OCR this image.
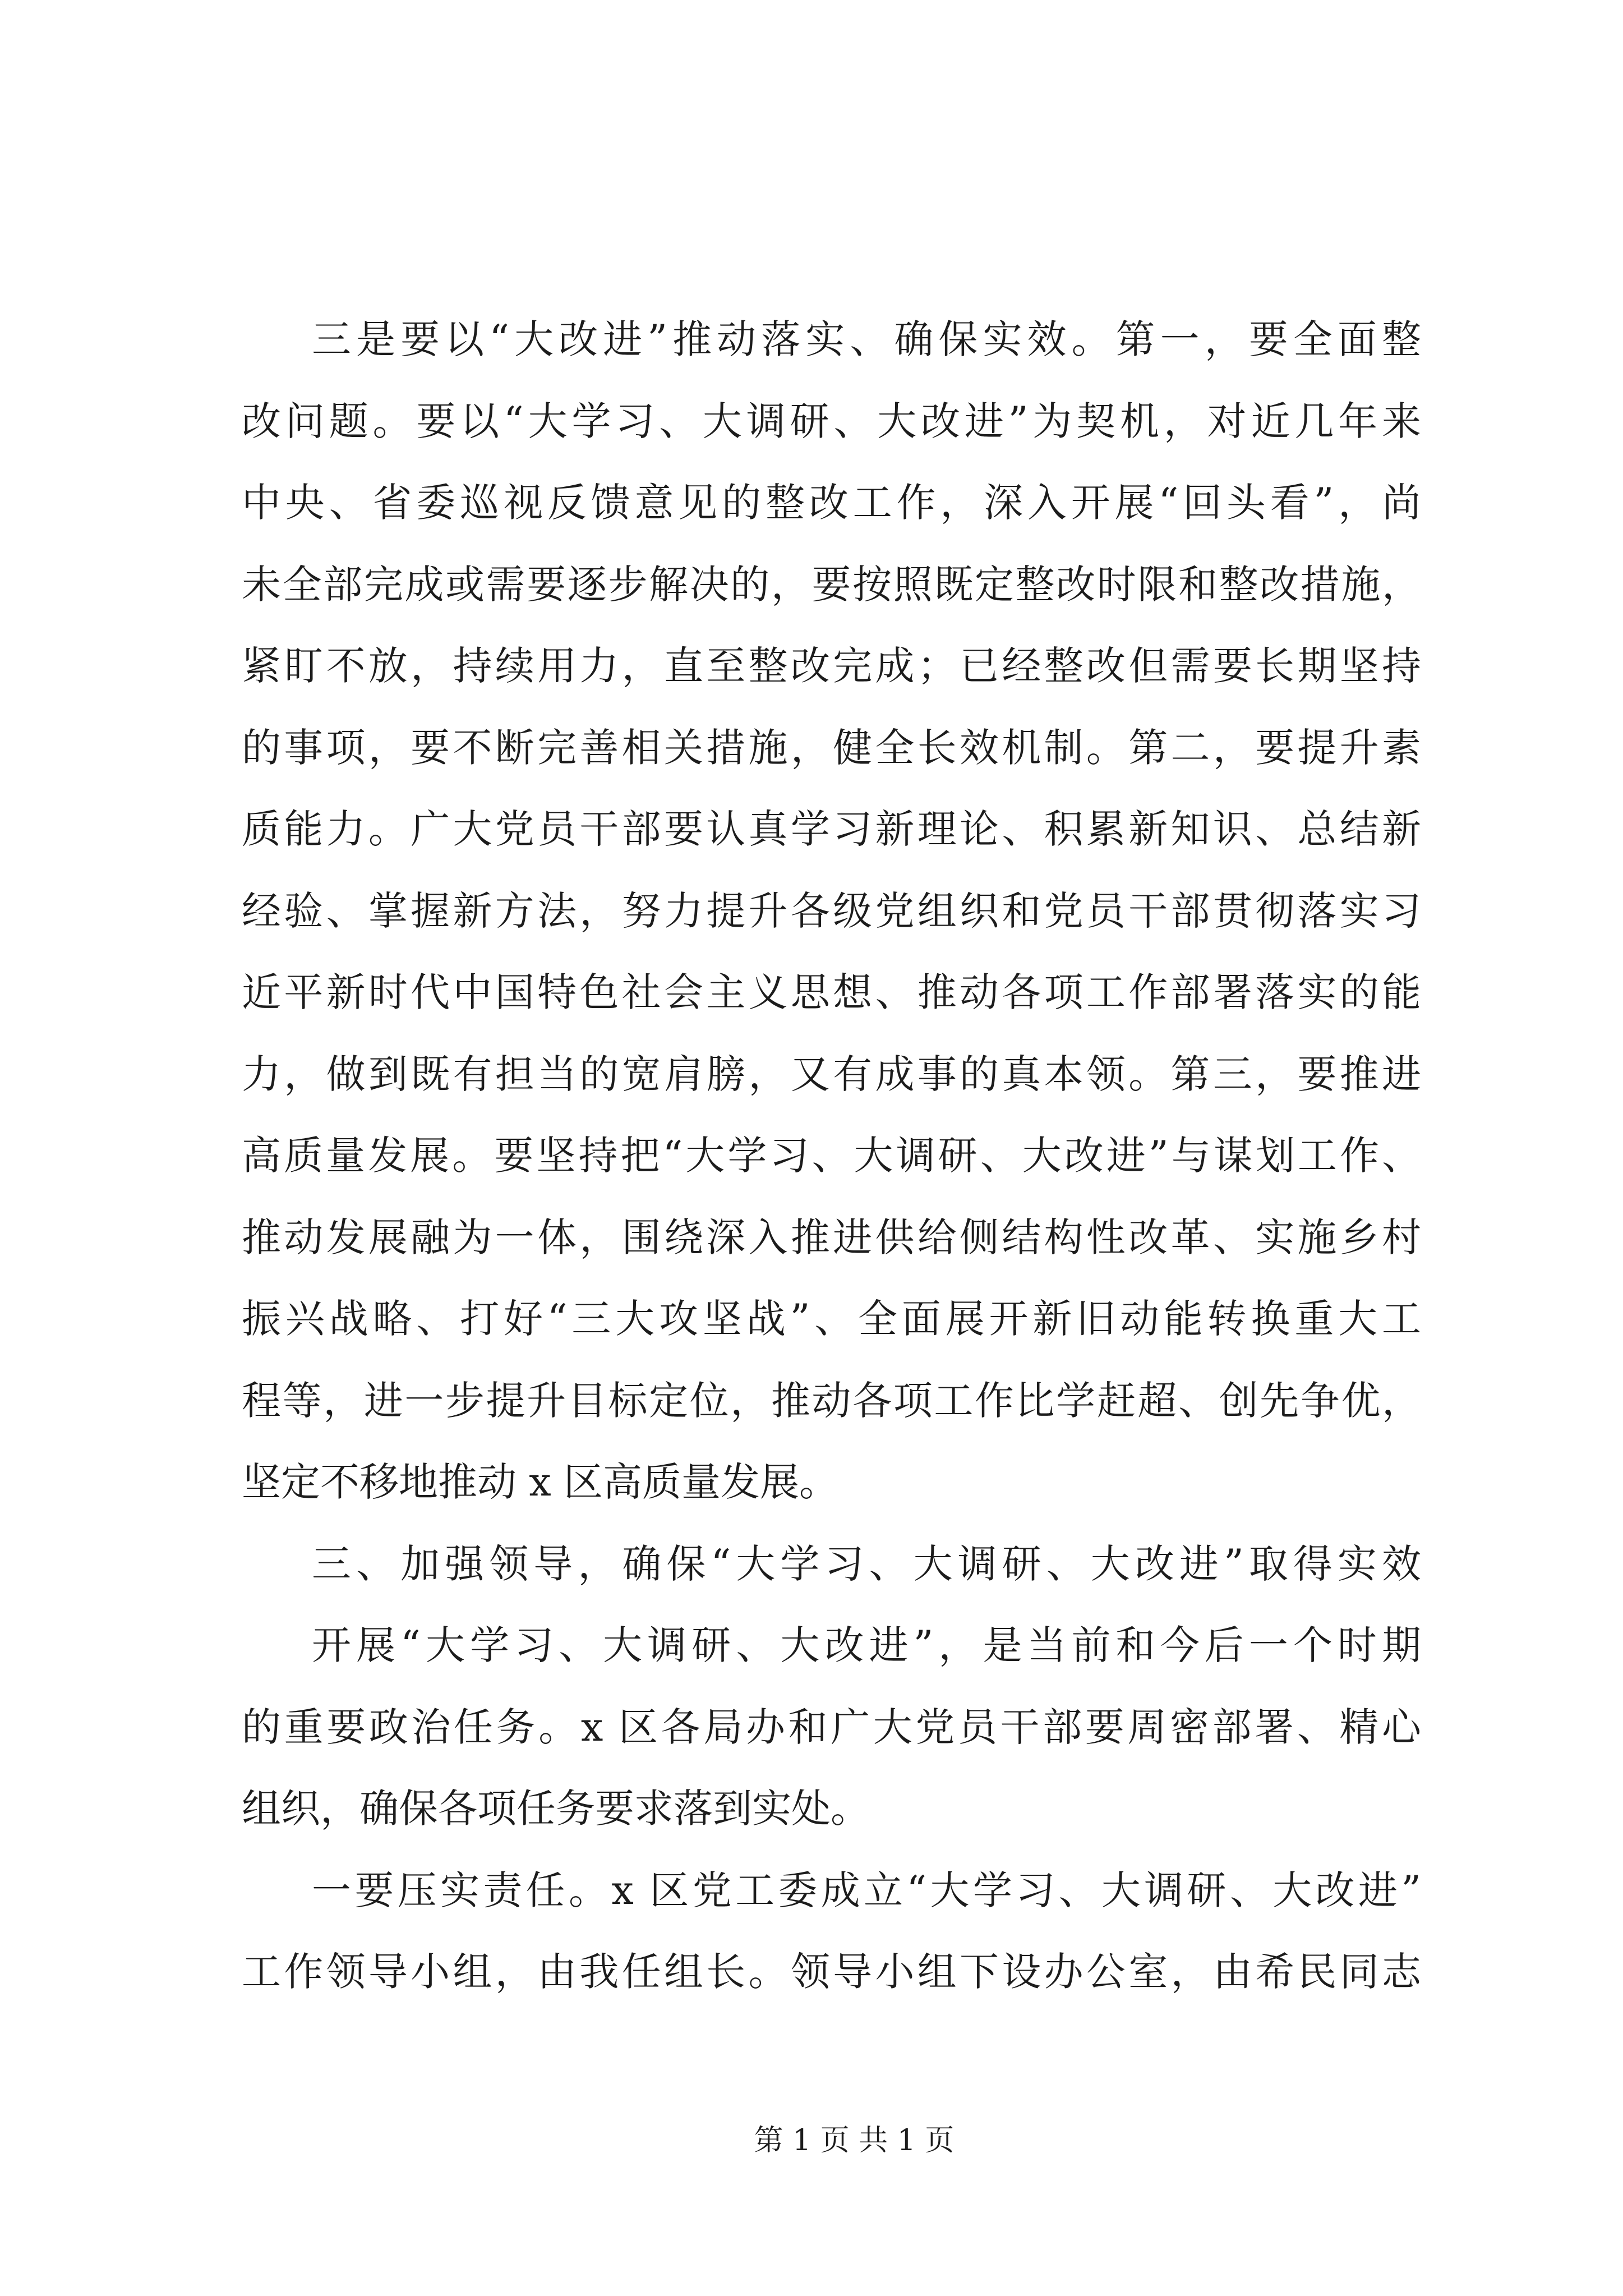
三是要以“大改进”推动落实、确保实效。第一，要全面整
改问题。要以“大学习、大调研、大改进”为契机，对近几年来
中央、省委巡视反馈意见的整改工作，深入开展“回头看”，尚
未全部完成或需要逐步解决的，要按照既定整改时限和整改措施，
紧盯不放，持续用力，直至整改完成；已经整改但需要长期坚持
的事项，要不断完善相关措施，健全长效机制。第二，要提升素
质能力。广大党员干部要认真学习新理论、积累新知识、总结新
经验、掌握新方法，努力提升各级党组织和党员干部贯彻落实习
近平新时代中国特色社会主义思想、推动各项工作部署落实的能
力，做到既有担当的宽肩膀，又有成事的真本领。第三，要推进
高质量发展。要坚持把“大学习、大调研、大改进”与谋划工作、
推动发展融为一体，围绕深入推进供给侧结构性改革、实施乡村
振兴战略、打好“三大攻坚战”、全面展开新旧动能转换重大工
程等，进一步提升目标定位，推动各项工作比学赶超、创先争优，
坚定不移地推动 x 区高质量发展。
三、加强领导，确保“大学习、大调研、大改进”取得实效
开展“大学习、大调研、大改进”，是当前和今后一个时期
的重要政治任务。x 区各局办和广大党员干部要周密部署、精心
组织，确保各项任务要求落到实处。
一要压实责任。x 区党工委成立“大学习、大调研、大改进”
工作领导小组，由我任组长。领导小组下设办公室，由希民同志
第 1 页 共 1 页
